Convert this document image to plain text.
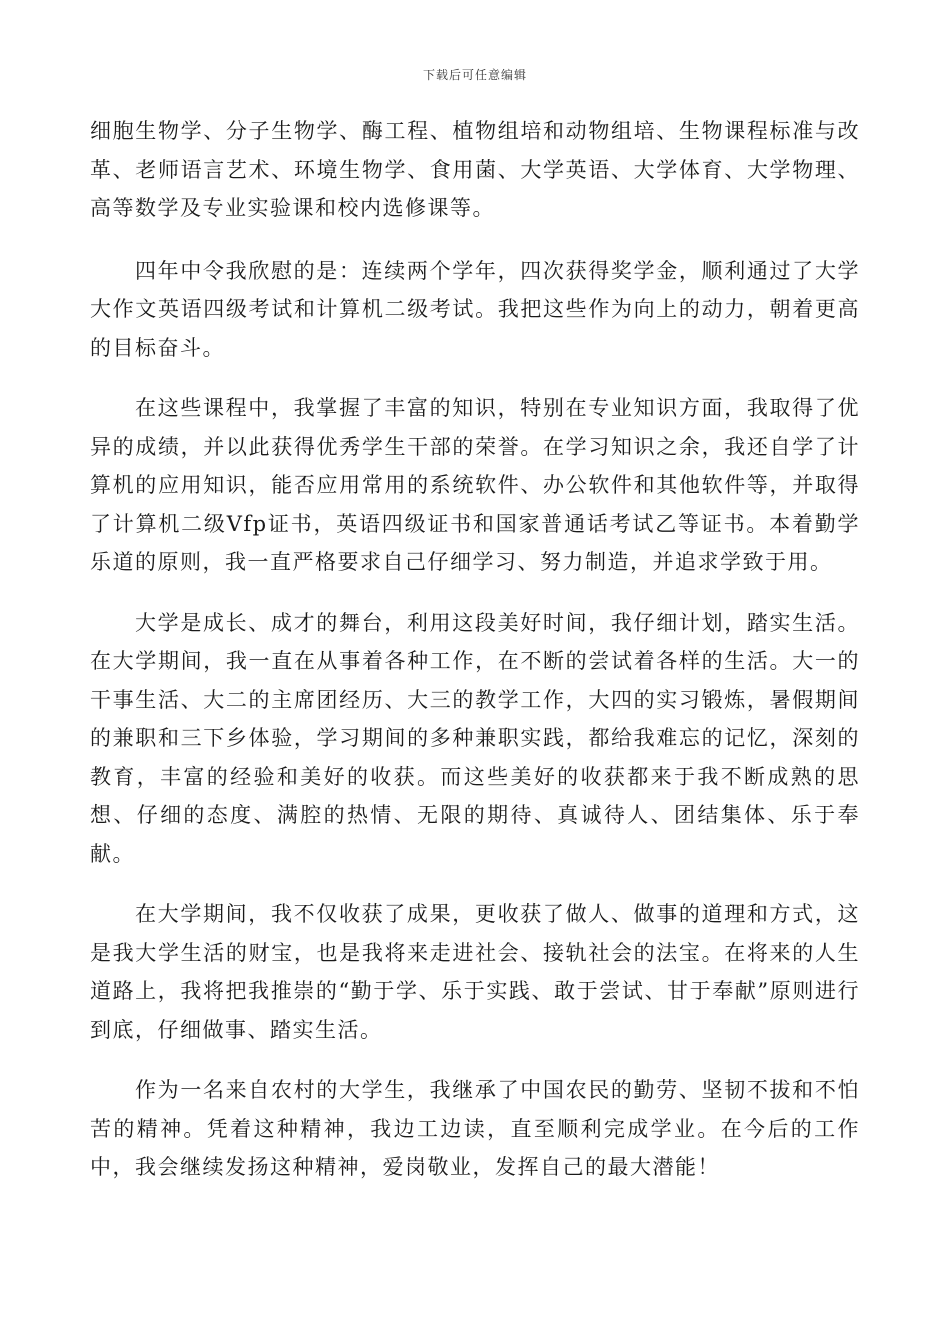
下载后可任意编辑

细胞生物学、分子生物学、酶工程、植物组培和动物组培、生物课程标准与改革、老师语言艺术、环境生物学、食用菌、大学英语、大学体育、大学物理、高等数学及专业实验课和校内选修课等。

四年中令我欣慰的是：连续两个学年，四次获得奖学金，顺利通过了大学大作文英语四级考试和计算机二级考试。我把这些作为向上的动力，朝着更高的目标奋斗。

在这些课程中，我掌握了丰富的知识，特别在专业知识方面，我取得了优异的成绩，并以此获得优秀学生干部的荣誉。在学习知识之余，我还自学了计算机的应用知识，能否应用常用的系统软件、办公软件和其他软件等，并取得了计算机二级Vfp证书，英语四级证书和国家普通话考试乙等证书。本着勤学乐道的原则，我一直严格要求自己仔细学习、努力制造，并追求学致于用。

大学是成长、成才的舞台，利用这段美好时间，我仔细计划，踏实生活。在大学期间，我一直在从事着各种工作，在不断的尝试着各样的生活。大一的干事生活、大二的主席团经历、大三的教学工作，大四的实习锻炼，暑假期间的兼职和三下乡体验，学习期间的多种兼职实践，都给我难忘的记忆，深刻的教育，丰富的经验和美好的收获。而这些美好的收获都来于我不断成熟的思想、仔细的态度、满腔的热情、无限的期待、真诚待人、团结集体、乐于奉献。

在大学期间，我不仅收获了成果，更收获了做人、做事的道理和方式，这是我大学生活的财宝，也是我将来走进社会、接轨社会的法宝。在将来的人生道路上，我将把我推崇的“勤于学、乐于实践、敢于尝试、甘于奉献”原则进行到底，仔细做事、踏实生活。

作为一名来自农村的大学生，我继承了中国农民的勤劳、坚韧不拔和不怕苦的精神。凭着这种精神，我边工边读，直至顺利完成学业。在今后的工作中，我会继续发扬这种精神，爱岗敬业，发挥自己的最大潜能！
